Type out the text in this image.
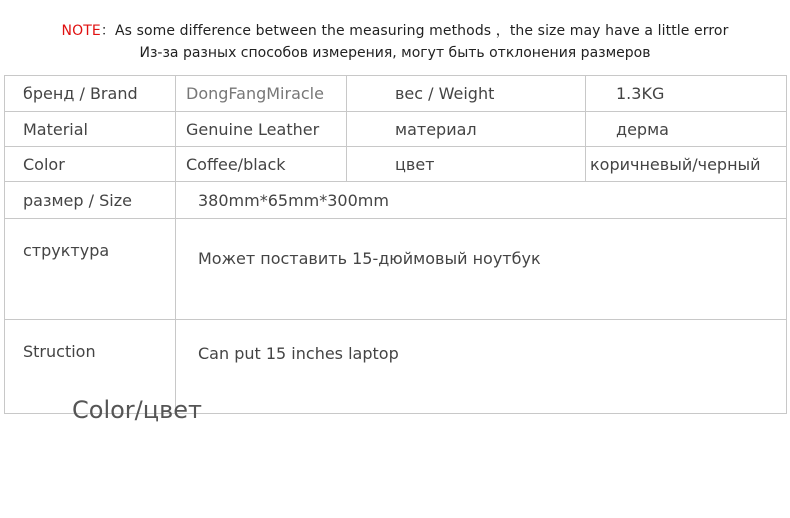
NOTE：As some difference between the measuring methods ，the size may have a little error
Из-за разных способов измерения, могут быть отклонения размеров
бренд / Brand	DongFangMiracle	вес / Weight	1.3KG
Material	Genuine Leather	материал	дерма
Color	Coffee/black	цвет	коричневый/черный
размер / Size	380mm*65mm*300mm		
структура	Может поставить 15-дюймовый ноутбук		
Struction	Can put 15 inches laptop		
Color/цвет
